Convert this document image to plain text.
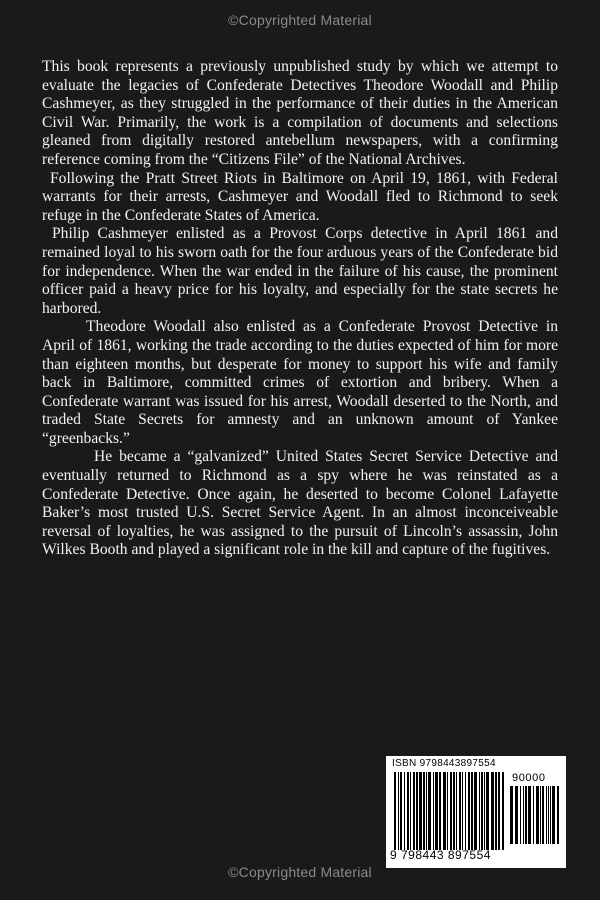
©Copyrighted Material

This book represents a previously unpublished study by which we attempt to evaluate the legacies of Confederate Detectives Theodore Woodall and Philip Cashmeyer, as they struggled in the performance of their duties in the American Civil War. Primarily, the work is a compilation of documents and selections gleaned from digitally restored antebellum newspapers, with a confirming reference coming from the “Citizens File” of the National Archives.

Following the Pratt Street Riots in Baltimore on April 19, 1861, with Federal warrants for their arrests, Cashmeyer and Woodall fled to Richmond to seek refuge in the Confederate States of America.

Philip Cashmeyer enlisted as a Provost Corps detective in April 1861 and remained loyal to his sworn oath for the four arduous years of the Confederate bid for independence. When the war ended in the failure of his cause, the prominent officer paid a heavy price for his loyalty, and especially for the state secrets he harbored.

Theodore Woodall also enlisted as a Confederate Provost Detective in April of 1861, working the trade according to the duties expected of him for more than eighteen months, but desperate for money to support his wife and family back in Baltimore, committed crimes of extortion and bribery. When a Confederate warrant was issued for his arrest, Woodall deserted to the North, and traded State Secrets for amnesty and an unknown amount of Yankee “greenbacks.”

He became a “galvanized” United States Secret Service Detective and eventually returned to Richmond as a spy where he was reinstated as a Confederate Detective. Once again, he deserted to become Colonel Lafayette Baker’s most trusted U.S. Secret Service Agent. In an almost inconceiveable reversal of loyalties, he was assigned to the pursuit of Lincoln’s assassin, John Wilkes Booth and played a significant role in the kill and capture of the fugitives.

ISBN 9798443897554
90000
9 798443 897554
©Copyrighted Material
